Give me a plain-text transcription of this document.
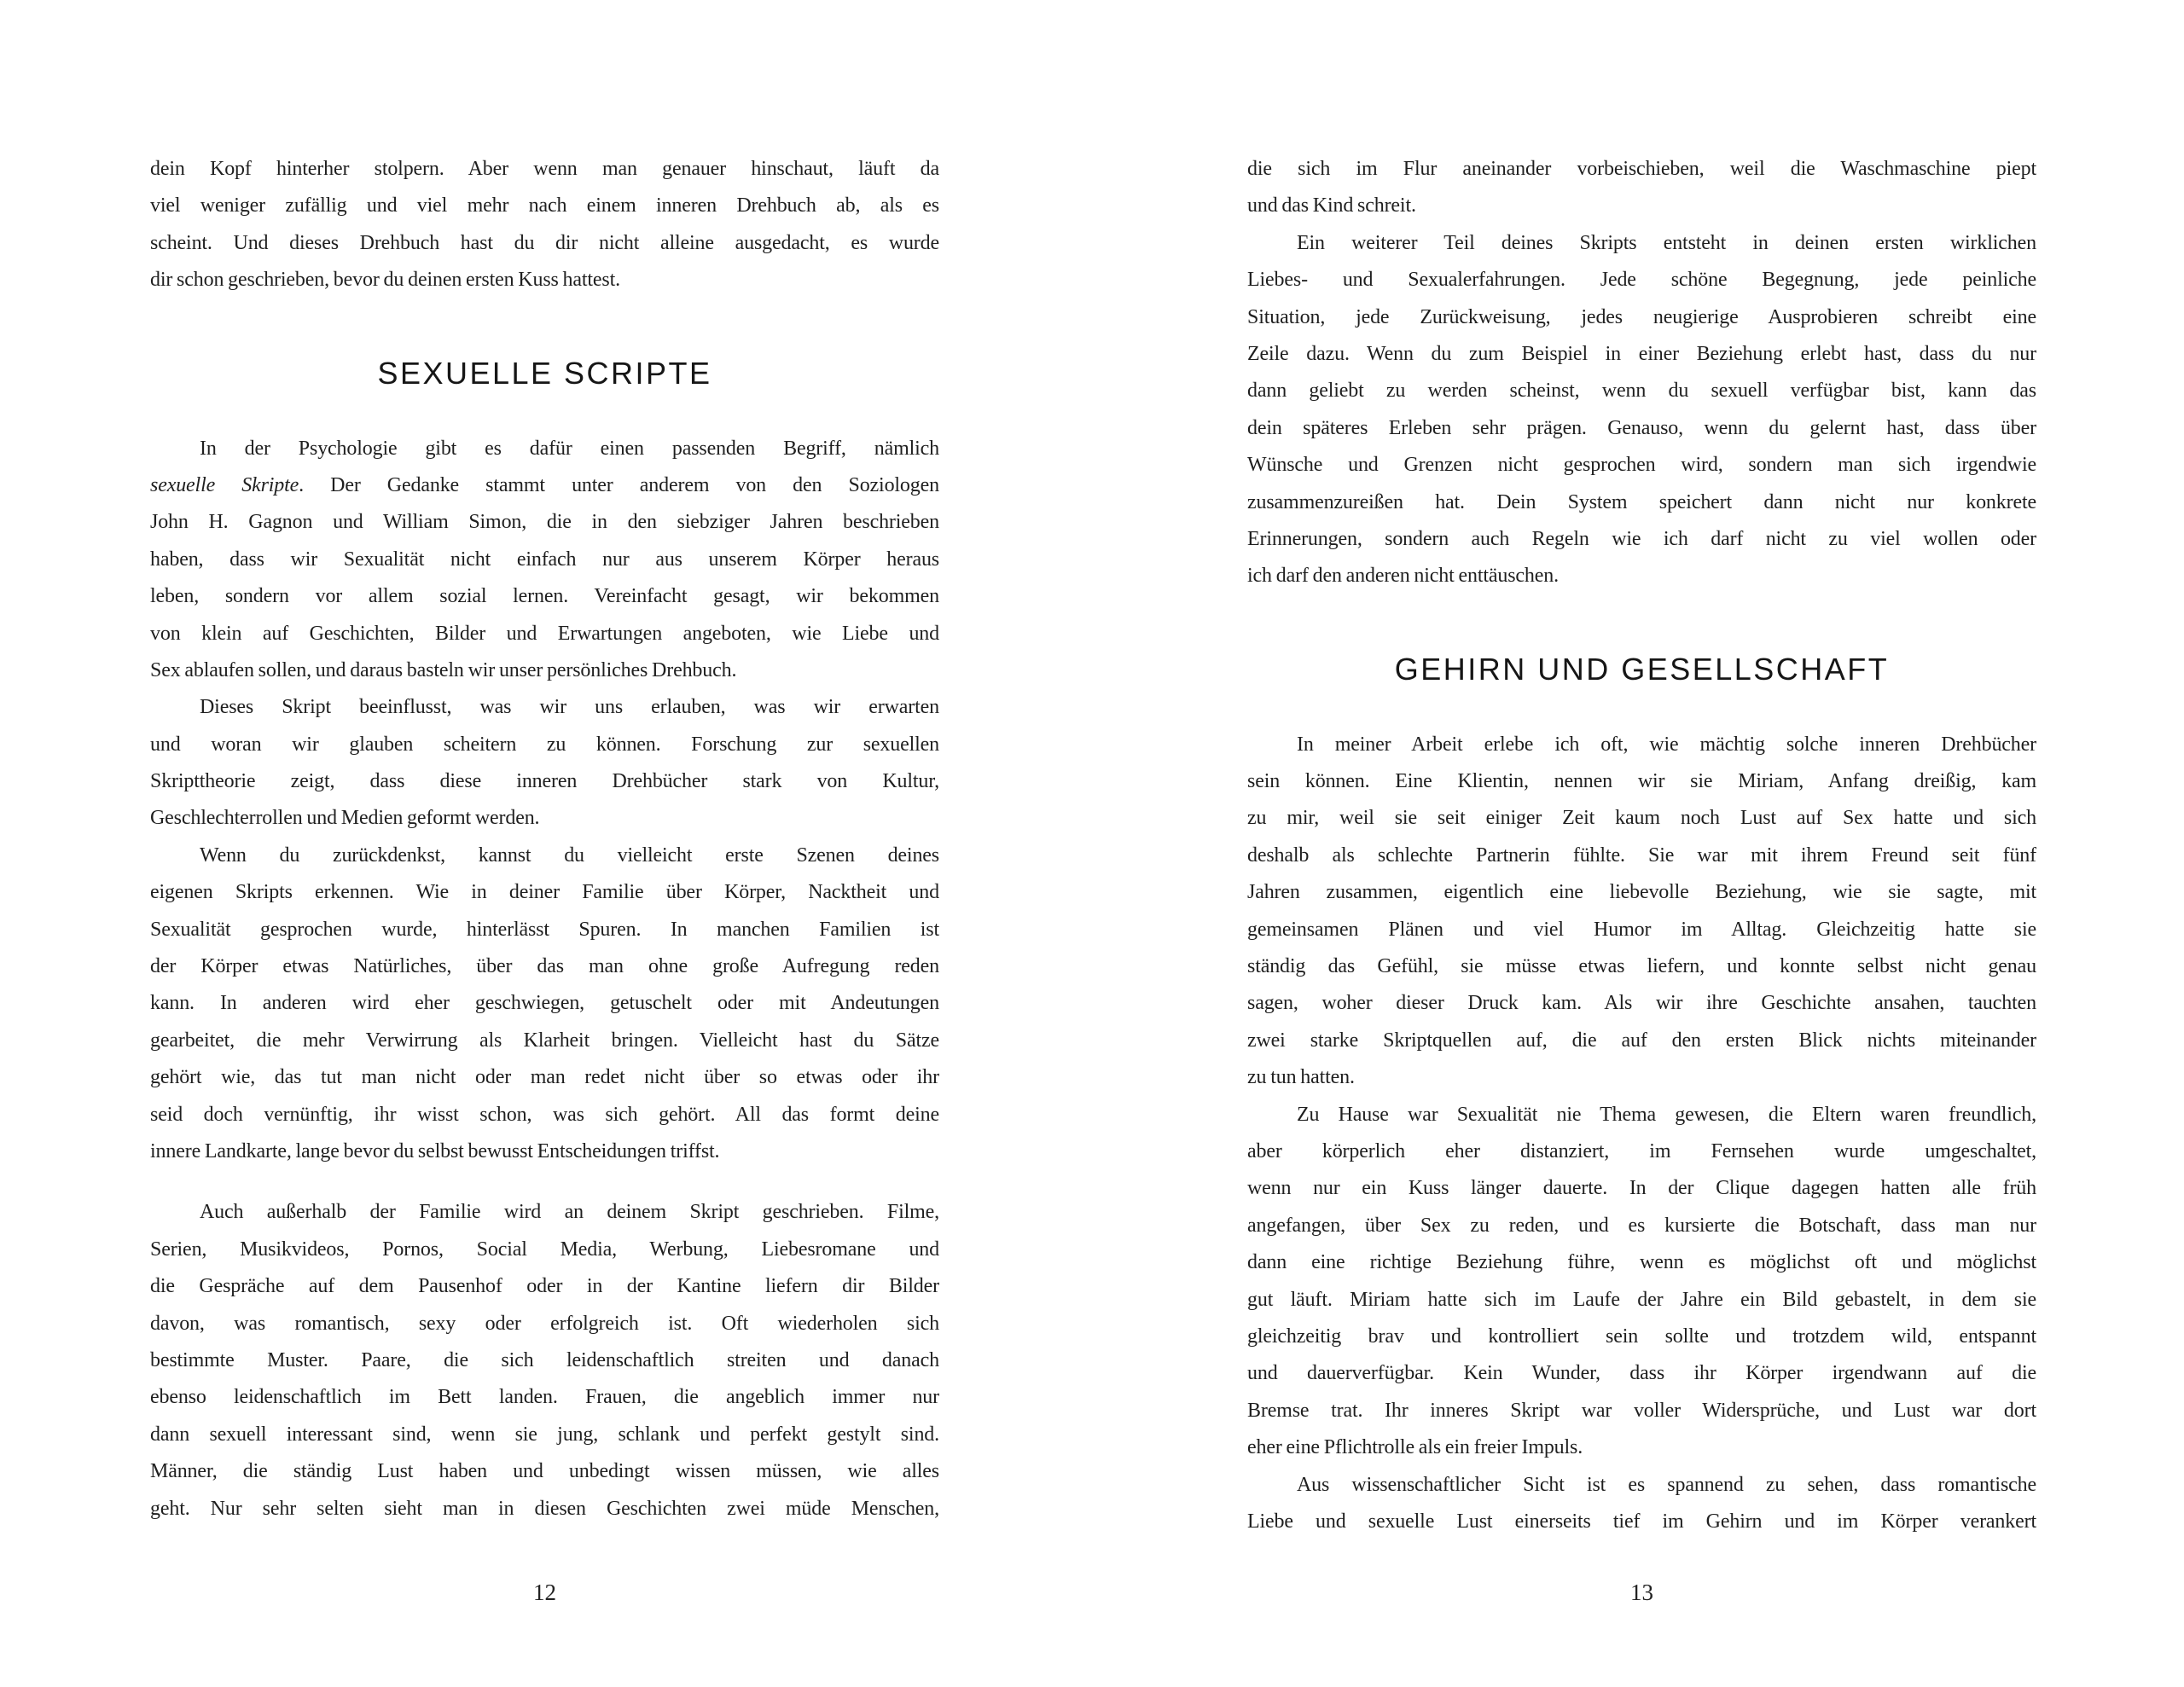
dein Kopf hinterher stolpern. Aber wenn man genauer hinschaut, läuft da
viel weniger zufällig und viel mehr nach einem inneren Drehbuch ab, als es
scheint. Und dieses Drehbuch hast du dir nicht alleine ausgedacht, es wurde
dir schon geschrieben, bevor du deinen ersten Kuss hattest.
SEXUELLE SCRIPTE
In der Psychologie gibt es dafür einen passenden Begriff, nämlich
sexuelle Skripte. Der Gedanke stammt unter anderem von den Soziologen
John H. Gagnon und William Simon, die in den siebziger Jahren beschrieben
haben, dass wir Sexualität nicht einfach nur aus unserem Körper heraus
leben, sondern vor allem sozial lernen. Vereinfacht gesagt, wir bekommen
von klein auf Geschichten, Bilder und Erwartungen angeboten, wie Liebe und
Sex ablaufen sollen, und daraus basteln wir unser persönliches Drehbuch.
Dieses Skript beeinflusst, was wir uns erlauben, was wir erwarten
und woran wir glauben scheitern zu können. Forschung zur sexuellen
Skripttheorie zeigt, dass diese inneren Drehbücher stark von Kultur,
Geschlechterrollen und Medien geformt werden.
Wenn du zurückdenkst, kannst du vielleicht erste Szenen deines
eigenen Skripts erkennen. Wie in deiner Familie über Körper, Nacktheit und
Sexualität gesprochen wurde, hinterlässt Spuren. In manchen Familien ist
der Körper etwas Natürliches, über das man ohne große Aufregung reden
kann. In anderen wird eher geschwiegen, getuschelt oder mit Andeutungen
gearbeitet, die mehr Verwirrung als Klarheit bringen. Vielleicht hast du Sätze
gehört wie, das tut man nicht oder man redet nicht über so etwas oder ihr
seid doch vernünftig, ihr wisst schon, was sich gehört. All das formt deine
innere Landkarte, lange bevor du selbst bewusst Entscheidungen triffst.
Auch außerhalb der Familie wird an deinem Skript geschrieben. Filme,
Serien, Musikvideos, Pornos, Social Media, Werbung, Liebesromane und
die Gespräche auf dem Pausenhof oder in der Kantine liefern dir Bilder
davon, was romantisch, sexy oder erfolgreich ist. Oft wiederholen sich
bestimmte Muster. Paare, die sich leidenschaftlich streiten und danach
ebenso leidenschaftlich im Bett landen. Frauen, die angeblich immer nur
dann sexuell interessant sind, wenn sie jung, schlank und perfekt gestylt sind.
Männer, die ständig Lust haben und unbedingt wissen müssen, wie alles
geht. Nur sehr selten sieht man in diesen Geschichten zwei müde Menschen,
die sich im Flur aneinander vorbeischieben, weil die Waschmaschine piept
und das Kind schreit.
Ein weiterer Teil deines Skripts entsteht in deinen ersten wirklichen
Liebes- und Sexualerfahrungen. Jede schöne Begegnung, jede peinliche
Situation, jede Zurückweisung, jedes neugierige Ausprobieren schreibt eine
Zeile dazu. Wenn du zum Beispiel in einer Beziehung erlebt hast, dass du nur
dann geliebt zu werden scheinst, wenn du sexuell verfügbar bist, kann das
dein späteres Erleben sehr prägen. Genauso, wenn du gelernt hast, dass über
Wünsche und Grenzen nicht gesprochen wird, sondern man sich irgendwie
zusammenzureißen hat. Dein System speichert dann nicht nur konkrete
Erinnerungen, sondern auch Regeln wie ich darf nicht zu viel wollen oder
ich darf den anderen nicht enttäuschen.
GEHIRN UND GESELLSCHAFT
In meiner Arbeit erlebe ich oft, wie mächtig solche inneren Drehbücher
sein können. Eine Klientin, nennen wir sie Miriam, Anfang dreißig, kam
zu mir, weil sie seit einiger Zeit kaum noch Lust auf Sex hatte und sich
deshalb als schlechte Partnerin fühlte. Sie war mit ihrem Freund seit fünf
Jahren zusammen, eigentlich eine liebevolle Beziehung, wie sie sagte, mit
gemeinsamen Plänen und viel Humor im Alltag. Gleichzeitig hatte sie
ständig das Gefühl, sie müsse etwas liefern, und konnte selbst nicht genau
sagen, woher dieser Druck kam. Als wir ihre Geschichte ansahen, tauchten
zwei starke Skriptquellen auf, die auf den ersten Blick nichts miteinander
zu tun hatten.
Zu Hause war Sexualität nie Thema gewesen, die Eltern waren freundlich,
aber körperlich eher distanziert, im Fernsehen wurde umgeschaltet,
wenn nur ein Kuss länger dauerte. In der Clique dagegen hatten alle früh
angefangen, über Sex zu reden, und es kursierte die Botschaft, dass man nur
dann eine richtige Beziehung führe, wenn es möglichst oft und möglichst
gut läuft. Miriam hatte sich im Laufe der Jahre ein Bild gebastelt, in dem sie
gleichzeitig brav und kontrolliert sein sollte und trotzdem wild, entspannt
und dauerverfügbar. Kein Wunder, dass ihr Körper irgendwann auf die
Bremse trat. Ihr inneres Skript war voller Widersprüche, und Lust war dort
eher eine Pflichtrolle als ein freier Impuls.
Aus wissenschaftlicher Sicht ist es spannend zu sehen, dass romantische
Liebe und sexuelle Lust einerseits tief im Gehirn und im Körper verankert
12	13
